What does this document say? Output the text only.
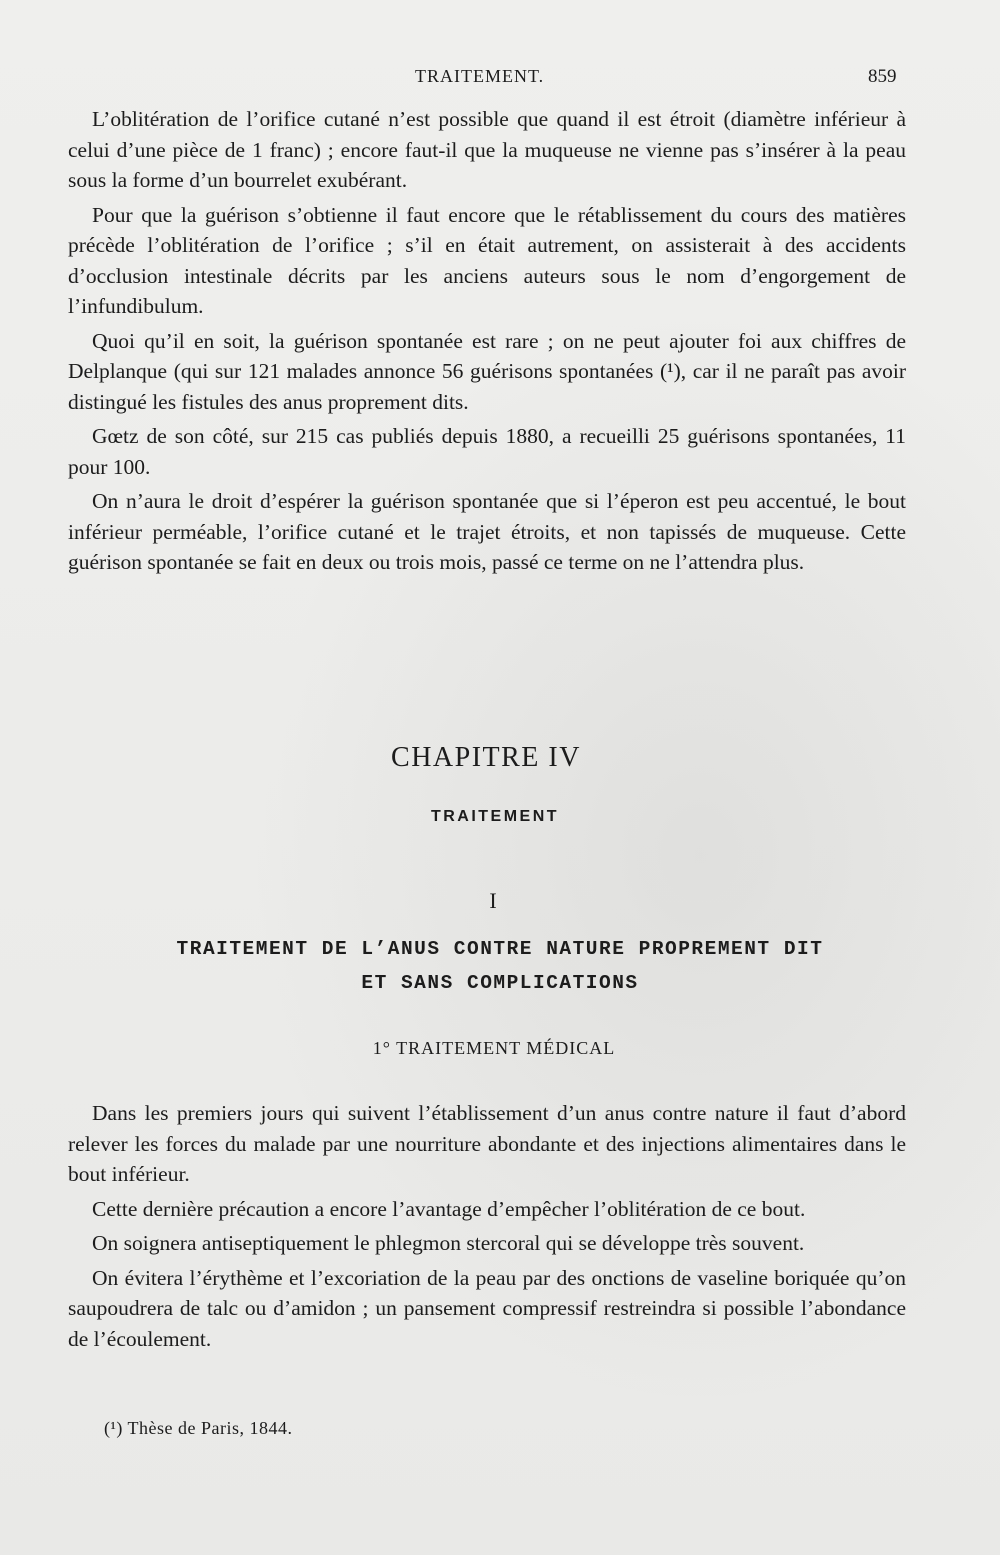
TRAITEMENT.	859

L’oblitération de l’orifice cutané n’est possible que quand il est étroit (diamètre inférieur à celui d’une pièce de 1 franc) ; encore faut-il que la muqueuse ne vienne pas s’insérer à la peau sous la forme d’un bourrelet exubérant.

Pour que la guérison s’obtienne il faut encore que le rétablissement du cours des matières précède l’oblitération de l’orifice ; s’il en était autrement, on assisterait à des accidents d’occlusion intestinale décrits par les anciens auteurs sous le nom d’engorgement de l’infundibulum.

Quoi qu’il en soit, la guérison spontanée est rare ; on ne peut ajouter foi aux chiffres de Delplanque (qui sur 121 malades annonce 56 guérisons spontanées (¹), car il ne paraît pas avoir distingué les fistules des anus proprement dits.

Gœtz de son côté, sur 215 cas publiés depuis 1880, a recueilli 25 guérisons spontanées, 11 pour 100.

On n’aura le droit d’espérer la guérison spontanée que si l’éperon est peu accentué, le bout inférieur perméable, l’orifice cutané et le trajet étroits, et non tapissés de muqueuse. Cette guérison spontanée se fait en deux ou trois mois, passé ce terme on ne l’attendra plus.

CHAPITRE IV
TRAITEMENT
I
TRAITEMENT DE L’ANUS CONTRE NATURE PROPREMENT DIT
ET SANS COMPLICATIONS
1° TRAITEMENT MÉDICAL

Dans les premiers jours qui suivent l’établissement d’un anus contre nature il faut d’abord relever les forces du malade par une nourriture abondante et des injections alimentaires dans le bout inférieur.

Cette dernière précaution a encore l’avantage d’empêcher l’oblitération de ce bout.

On soignera antiseptiquement le phlegmon stercoral qui se développe très souvent.

On évitera l’érythème et l’excoriation de la peau par des onctions de vaseline boriquée qu’on saupoudrera de talc ou d’amidon ; un pansement compressif restreindra si possible l’abondance de l’écoulement.

(¹) Thèse de Paris, 1844.
